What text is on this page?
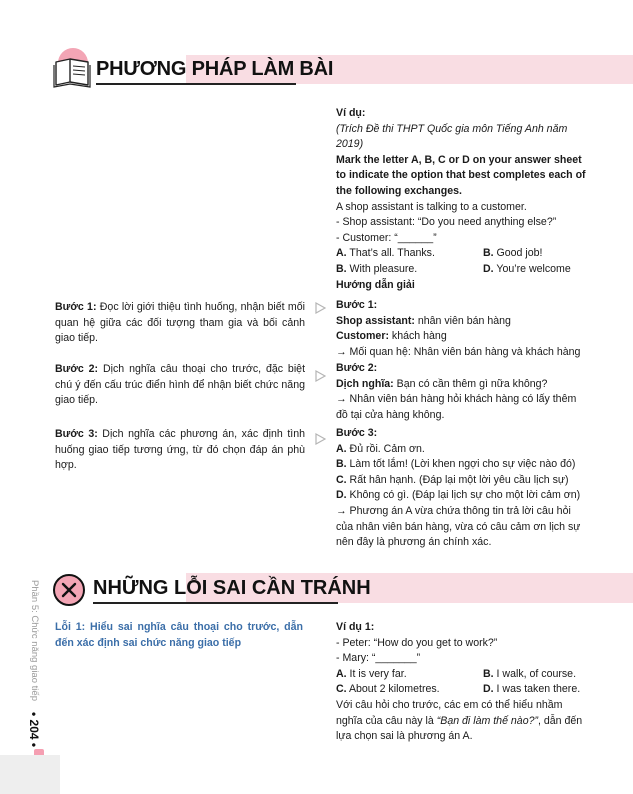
PHƯƠNG PHÁP LÀM BÀI
Ví dụ:
(Trích Đề thi THPT Quốc gia môn Tiếng Anh năm 2019)
Mark the letter A, B, C or D on your answer sheet to indicate the option that best completes each of the following exchanges.
A shop assistant is talking to a customer.
- Shop assistant: “Do you need anything else?”
- Customer: “______”
A. That’s all. Thanks.	B. Good job!
B. With pleasure.	D. You’re welcome
Hướng dẫn giải
Bước 1: Đọc lời giới thiệu tình huống, nhận biết mối quan hệ giữa các đối tượng tham gia và bối cảnh giao tiếp.
Bước 1:
Shop assistant: nhân viên bán hàng
Customer: khách hàng
→ Mối quan hệ: Nhân viên bán hàng và khách hàng
Bước 2: Dịch nghĩa câu thoại cho trước, đặc biệt chú ý đến cấu trúc điển hình để nhận biết chức năng giao tiếp.
Bước 2:
Dịch nghĩa: Bạn có cần thêm gì nữa không?
→ Nhân viên bán hàng hỏi khách hàng có lấy thêm đồ tại cửa hàng không.
Bước 3: Dịch nghĩa các phương án, xác định tình huống giao tiếp tương ứng, từ đó chọn đáp án phù hợp.
Bước 3:
A. Đủ rồi. Cảm ơn.
B. Làm tốt lắm! (Lời khen ngợi cho sự việc nào đó)
C. Rất hân hạnh. (Đáp lại một lời yêu cầu lịch sự)
D. Không có gì. (Đáp lại lịch sự cho một lời cảm ơn)
→ Phương án A vừa chứa thông tin trả lời câu hỏi của nhân viên bán hàng, vừa có câu cảm ơn lịch sự nên đây là phương án chính xác.
NHỮNG LỖI SAI CẦN TRÁNH
Lỗi 1: Hiểu sai nghĩa câu thoại cho trước, dẫn đến xác định sai chức năng giao tiếp
Ví dụ 1:
- Peter: “How do you get to work?”
- Mary: “_______”
A. It is very far.	B. I walk, of course.
C. About 2 kilometres.	D. I was taken there.
Với câu hỏi cho trước, các em có thể hiểu nhầm nghĩa của câu này là “Bạn đi làm thế nào?”, dẫn đến lựa chọn sai là phương án A.
Phần 5: Chức năng giao tiếp
• 204 •
